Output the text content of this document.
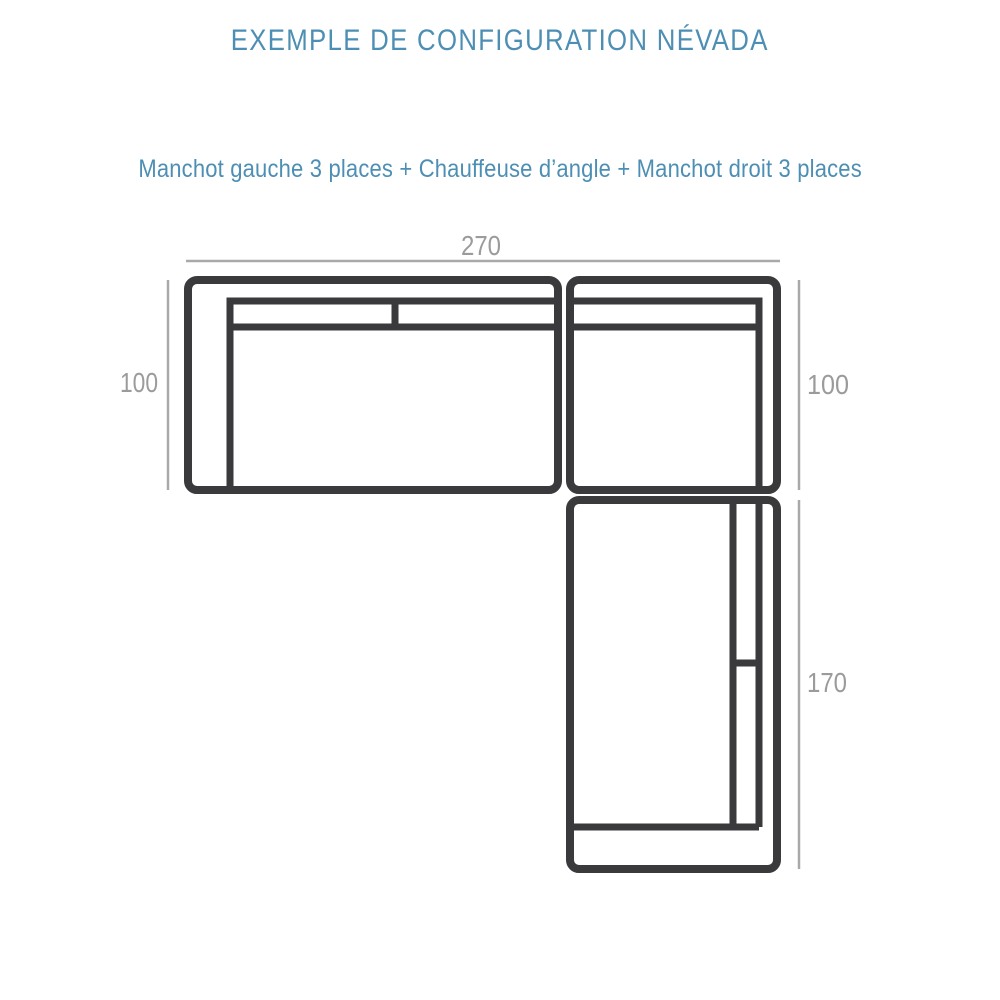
EXEMPLE DE CONFIGURATION NÉVADA
Manchot gauche 3 places + Chauffeuse d’angle + Manchot droit 3 places
270
100	100
170
